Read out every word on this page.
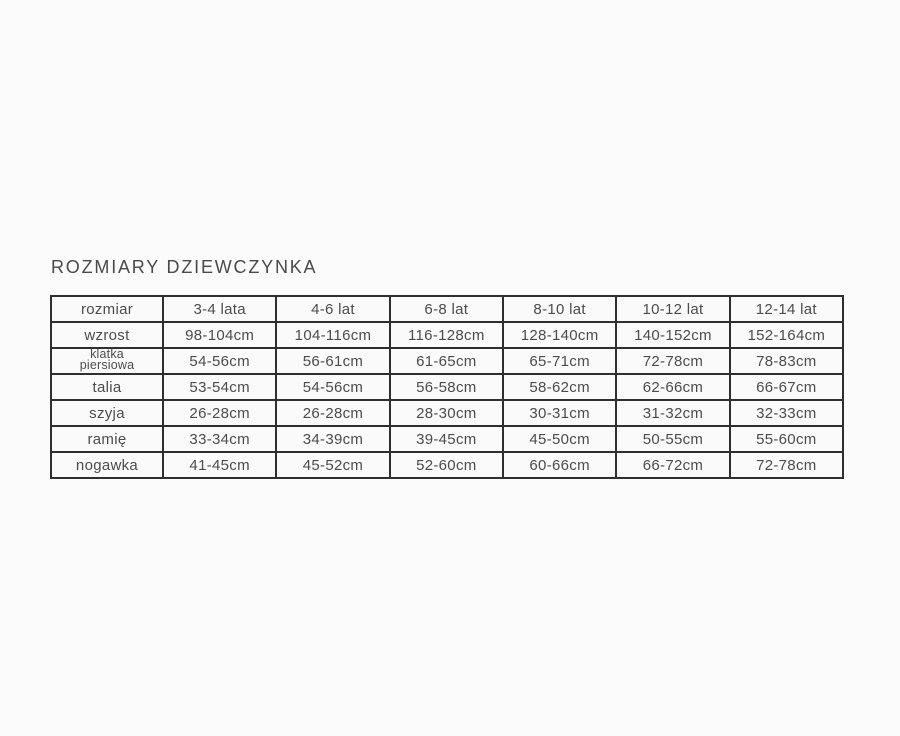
ROZMIARY DZIEWCZYNKA
rozmiar	3-4 lata	4-6 lat	6-8 lat	8-10 lat	10-12 lat	12-14 lat
wzrost	98-104cm	104-116cm	116-128cm	128-140cm	140-152cm	152-164cm
klatka piersiowa	54-56cm	56-61cm	61-65cm	65-71cm	72-78cm	78-83cm
talia	53-54cm	54-56cm	56-58cm	58-62cm	62-66cm	66-67cm
szyja	26-28cm	26-28cm	28-30cm	30-31cm	31-32cm	32-33cm
ramię	33-34cm	34-39cm	39-45cm	45-50cm	50-55cm	55-60cm
nogawka	41-45cm	45-52cm	52-60cm	60-66cm	66-72cm	72-78cm
